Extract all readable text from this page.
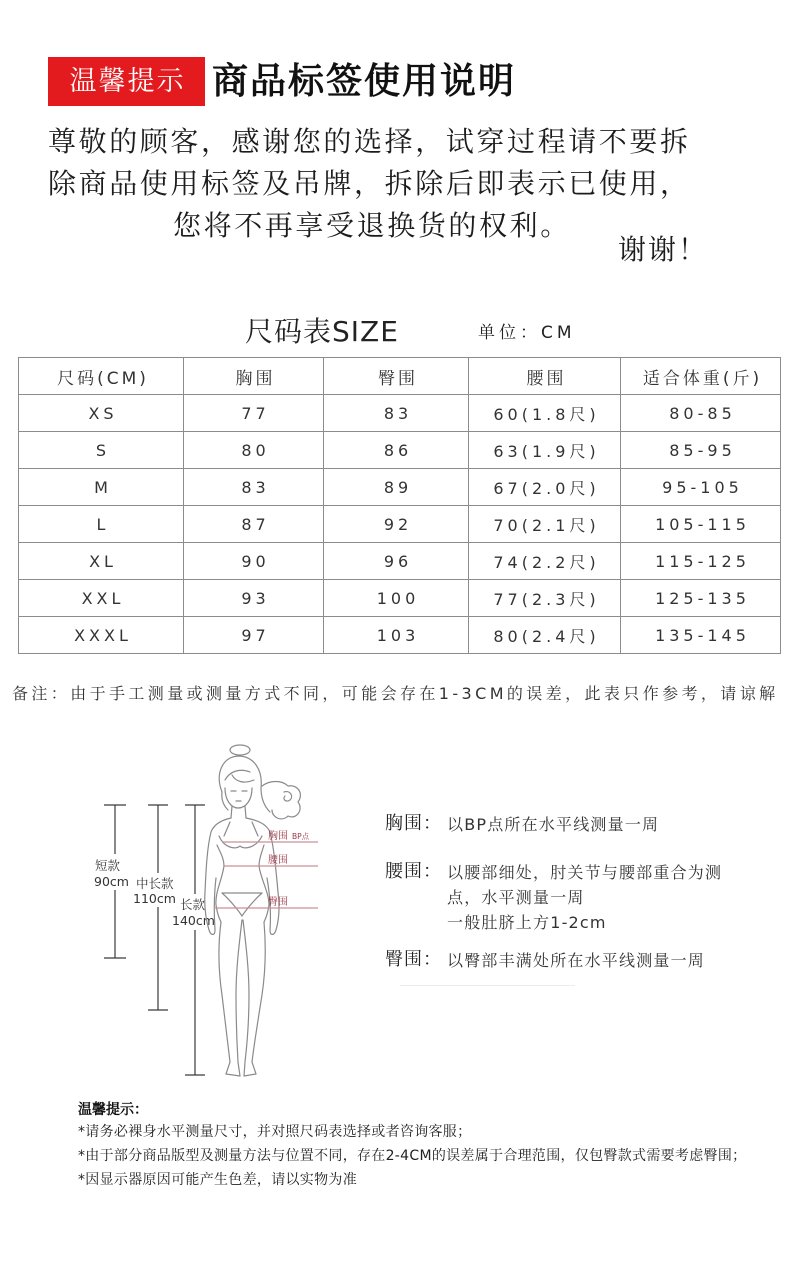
温馨提示 商品标签使用说明
尊敬的顾客，感谢您的选择，试穿过程请不要拆
除商品使用标签及吊牌，拆除后即表示已使用，
您将不再享受退换货的权利。
谢谢！
尺码表SIZE	单位：CM
尺码(CM)	胸围	臀围	腰围	适合体重(斤)
XS	77	83	60(1.8尺)	80-85
S	80	86	63(1.9尺)	85-95
M	83	89	67(2.0尺)	95-105
L	87	92	70(2.1尺)	105-115
XL	90	96	74(2.2尺)	115-125
XXL	93	100	77(2.3尺)	125-135
XXXL	97	103	80(2.4尺)	135-145
备注：由于手工测量或测量方式不同，可能会存在1-3CM的误差，此表只作参考，请谅解
短款
90cm 中长款
110cm 长款
140cm
胸围 BP点
腰围
臀围
胸围： 以BP点所在水平线测量一周
腰围： 以腰部细处，肘关节与腰部重合为测
点，水平测量一周
一般肚脐上方1-2cm
臀围： 以臀部丰满处所在水平线测量一周
温馨提示：
*请务必裸身水平测量尺寸，并对照尺码表选择或者咨询客服；
*由于部分商品版型及测量方法与位置不同，存在2-4CM的误差属于合理范围，仅包臀款式需要考虑臀围；
*因显示器原因可能产生色差，请以实物为准
